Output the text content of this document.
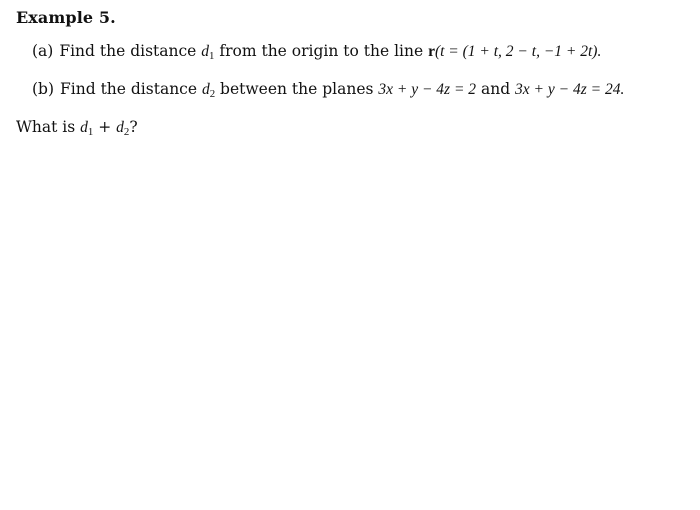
Example 5.
(a) Find the distance $d_1$ from the origin to the line r(t = (1 + t, 2 − t, −1 + 2t).
(b) Find the distance $d_2$ between the planes 3x + y − 4z = 2 and 3x + y − 4z = 24.
What is $d_1 + d_2$?
